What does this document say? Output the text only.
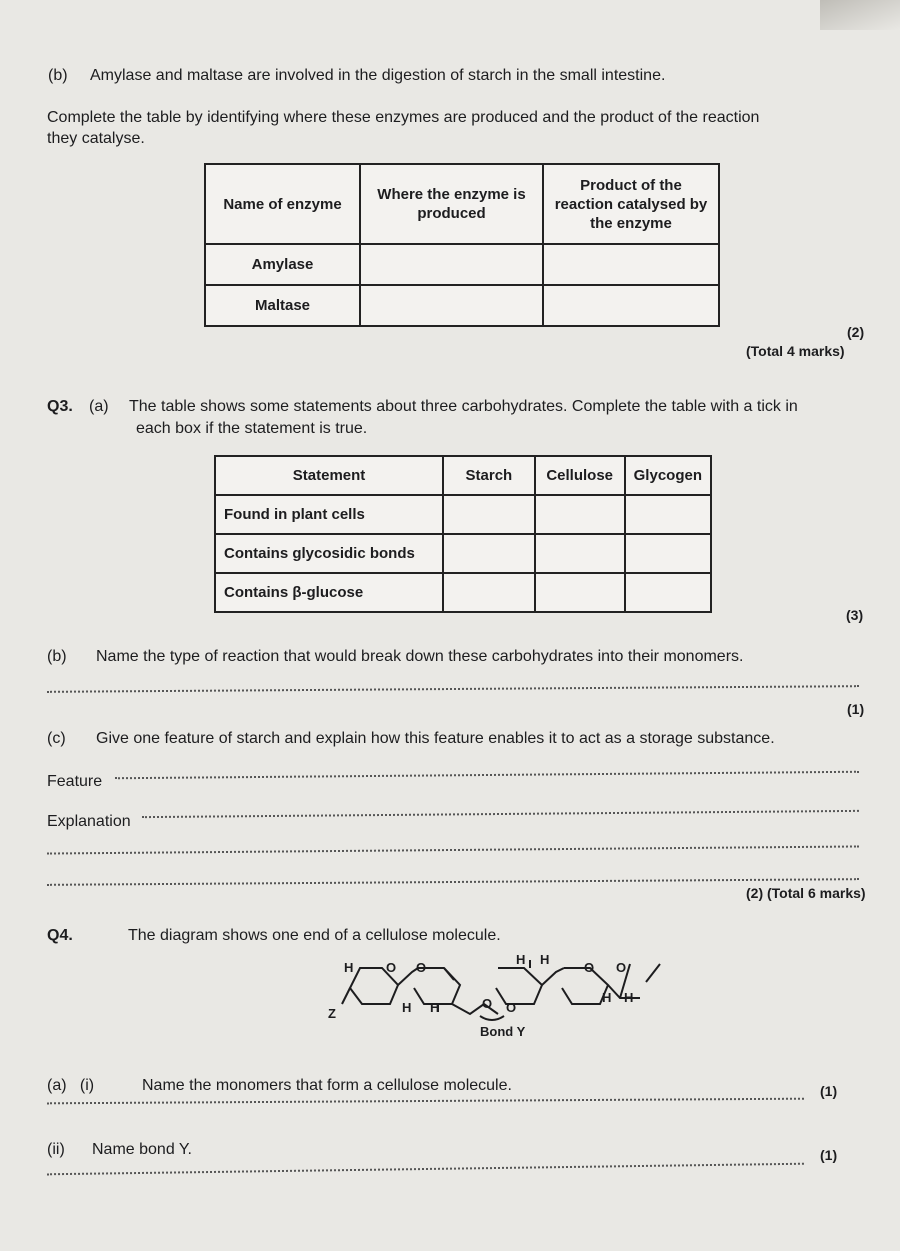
(b) Amylase and maltase are involved in the digestion of starch in the small intestine.
Complete the table by identifying where these enzymes are produced and the product of the reaction
they catalyse.
Name of enzyme	Where the enzyme is produced	Product of the reaction catalysed by the enzyme
Amylase		
Maltase		
(2)
(Total 4 marks)
Q3. (a) The table shows some statements about three carbohydrates. Complete the table with a tick in
each box if the statement is true.
Statement	Starch	Cellulose	Glycogen
Found in plant cells			
Contains glycosidic bonds			
Contains β-glucose			
(3)
(b) Name the type of reaction that would break down these carbohydrates into their monomers.
(1)
(c) Give one feature of starch and explain how this feature enables it to act as a storage substance.
Feature
Explanation
(2) (Total 6 marks)
Q4.	The diagram shows one end of a cellulose molecule.
H	O O
H H
O O
Z	H H	O O
H H
Bond Y
(a)   (i)	Name the monomers that form a cellulose molecule.	(1)
(ii) Name bond Y.	(1)
